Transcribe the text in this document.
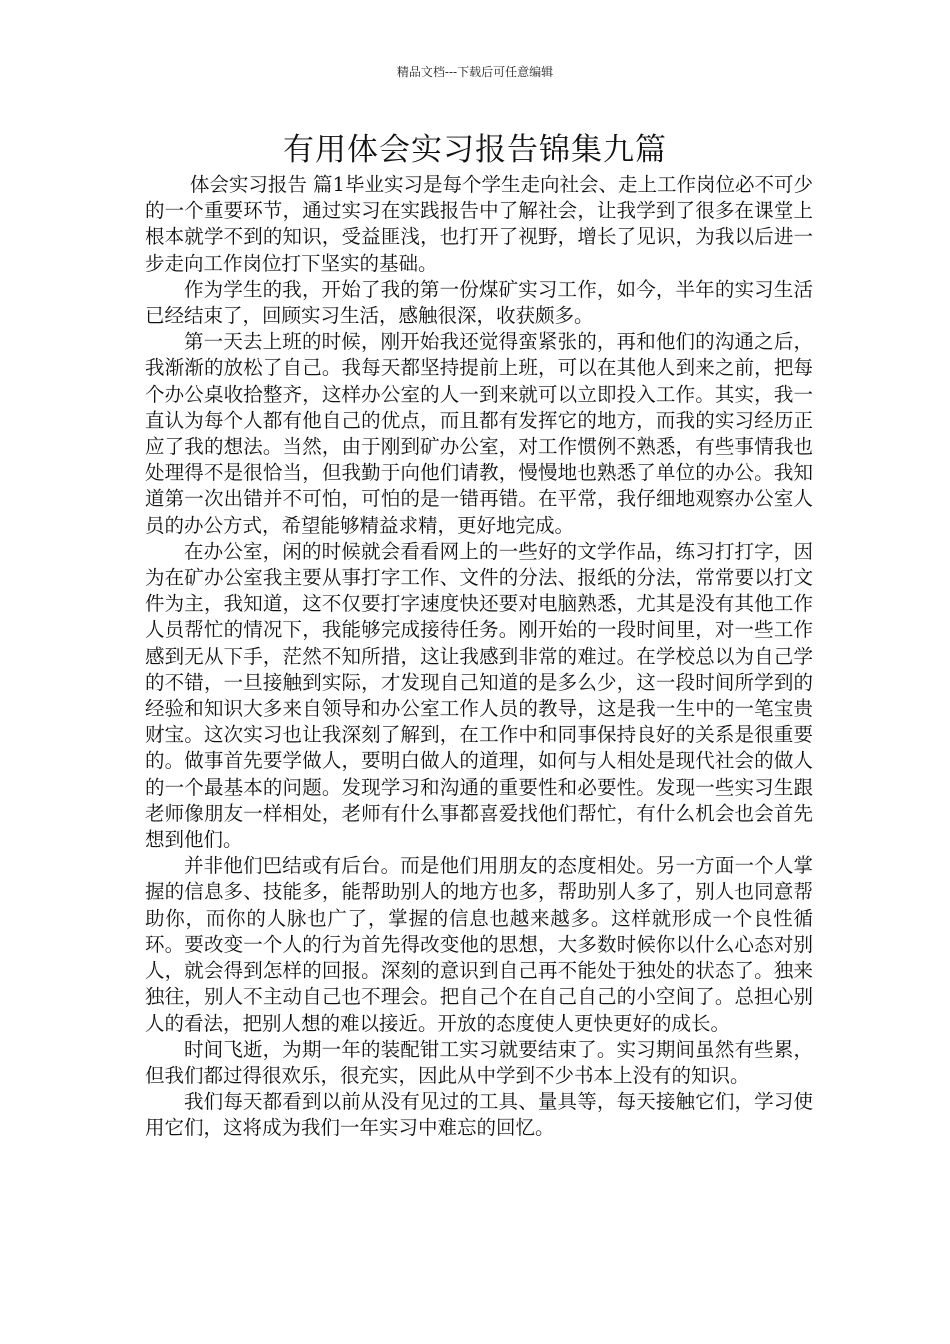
精品文档---下载后可任意编辑
有用体会实习报告锦集九篇

体会实习报告 篇1毕业实习是每个学生走向社会、走上工作岗位必不可少的一个重要环节，通过实习在实践报告中了解社会，让我学到了很多在课堂上根本就学不到的知识，受益匪浅，也打开了视野，增长了见识，为我以后进一步走向工作岗位打下坚实的基础。

作为学生的我，开始了我的第一份煤矿实习工作，如今，半年的实习生活已经结束了，回顾实习生活，感触很深，收获颇多。

第一天去上班的时候，刚开始我还觉得蛮紧张的，再和他们的沟通之后，我渐渐的放松了自己。我每天都坚持提前上班，可以在其他人到来之前，把每个办公桌收拾整齐，这样办公室的人一到来就可以立即投入工作。其实，我一直认为每个人都有他自己的优点，而且都有发挥它的地方，而我的实习经历正应了我的想法。当然，由于刚到矿办公室，对工作惯例不熟悉，有些事情我也处理得不是很恰当，但我勤于向他们请教，慢慢地也熟悉了单位的办公。我知道第一次出错并不可怕，可怕的是一错再错。在平常，我仔细地观察办公室人员的办公方式，希望能够精益求精，更好地完成。

在办公室，闲的时候就会看看网上的一些好的文学作品，练习打打字，因为在矿办公室我主要从事打字工作、文件的分法、报纸的分法，常常要以打文件为主，我知道，这不仅要打字速度快还要对电脑熟悉，尤其是没有其他工作人员帮忙的情况下，我能够完成接待任务。刚开始的一段时间里，对一些工作感到无从下手，茫然不知所措，这让我感到非常的难过。在学校总以为自己学的不错，一旦接触到实际，才发现自己知道的是多么少，这一段时间所学到的经验和知识大多来自领导和办公室工作人员的教导，这是我一生中的一笔宝贵财宝。这次实习也让我深刻了解到，在工作中和同事保持良好的关系是很重要的。做事首先要学做人，要明白做人的道理，如何与人相处是现代社会的做人的一个最基本的问题。发现学习和沟通的重要性和必要性。发现一些实习生跟老师像朋友一样相处，老师有什么事都喜爱找他们帮忙，有什么机会也会首先想到他们。

并非他们巴结或有后台。而是他们用朋友的态度相处。另一方面一个人掌握的信息多、技能多，能帮助别人的地方也多，帮助别人多了，别人也同意帮助你，而你的人脉也广了，掌握的信息也越来越多。这样就形成一个良性循环。要改变一个人的行为首先得改变他的思想，大多数时候你以什么心态对别人，就会得到怎样的回报。深刻的意识到自己再不能处于独处的状态了。独来独往，别人不主动自己也不理会。把自己个在自己自己的小空间了。总担心别人的看法，把别人想的难以接近。开放的态度使人更快更好的成长。

时间飞逝，为期一年的装配钳工实习就要结束了。实习期间虽然有些累，但我们都过得很欢乐，很充实，因此从中学到不少书本上没有的知识。

我们每天都看到以前从没有见过的工具、量具等，每天接触它们，学习使用它们，这将成为我们一年实习中难忘的回忆。
